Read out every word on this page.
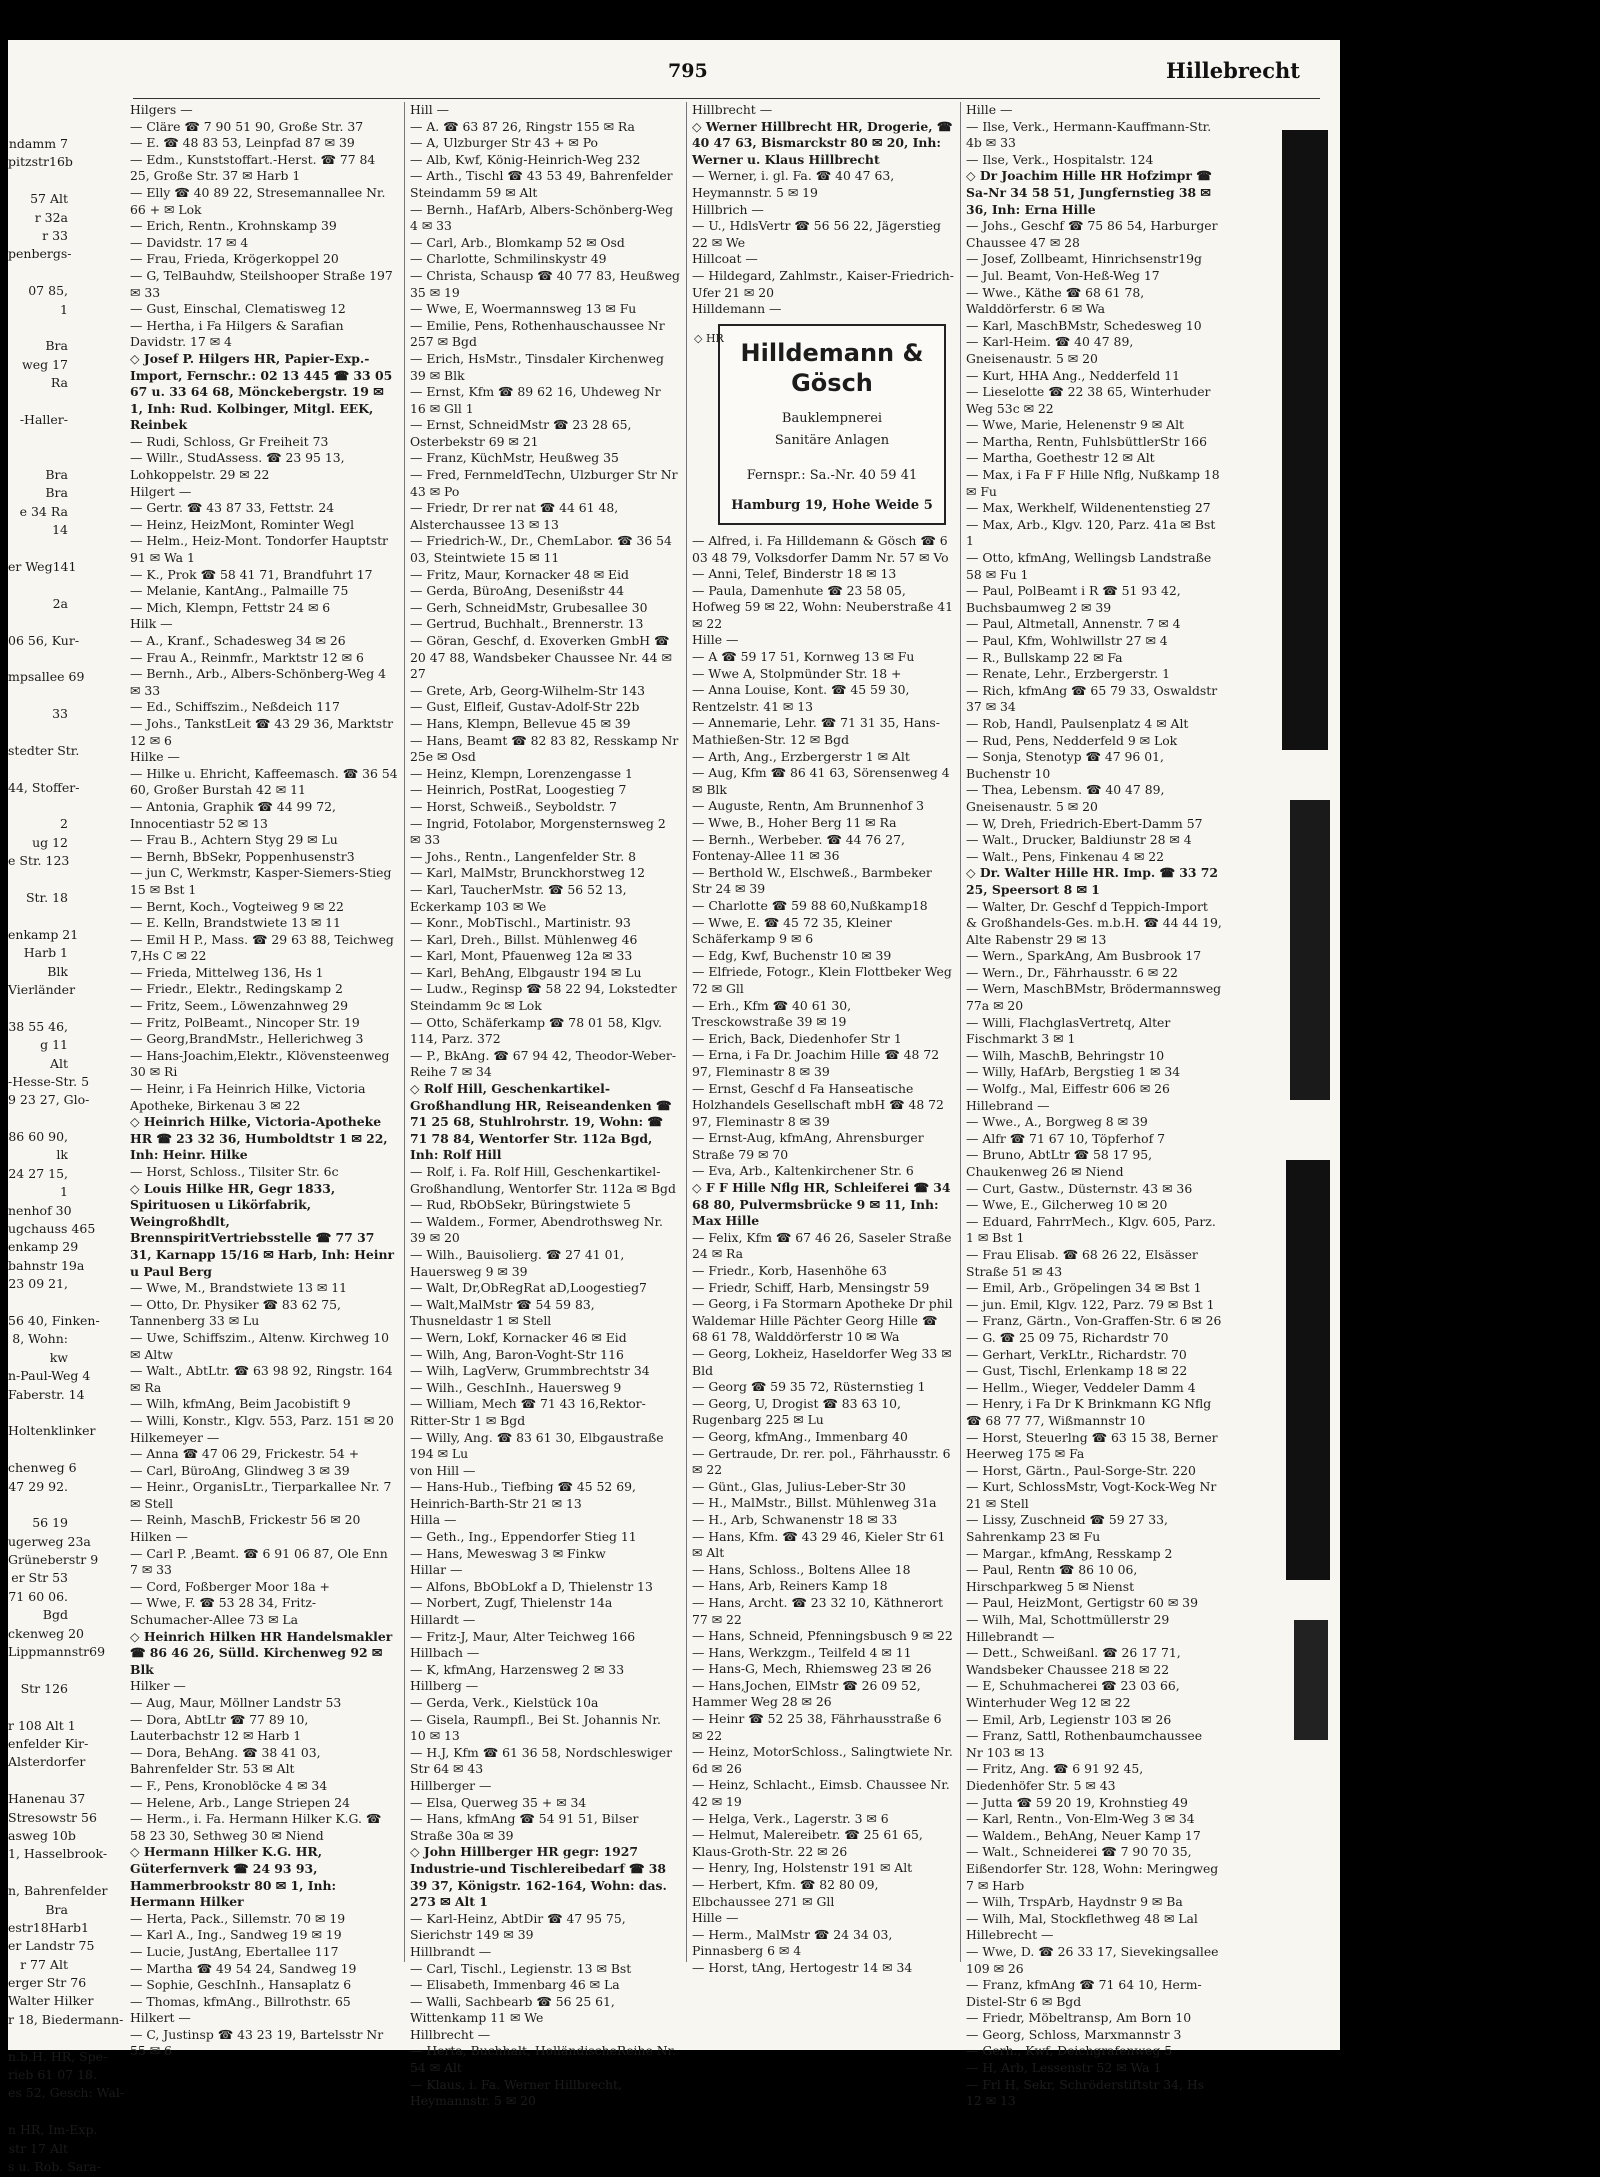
ndamm 7
pitzstr16b
57 Alt
r 32a
r 33
penbergs-
07 85,
1
Bra
weg 17
Ra
-Haller-
Bra
Bra
e 34 Ra
14
er Weg141
2a
06 56, Kur-
mpsallee 69
33
stedter Str.
44, Stoffer-
2
ug 12
e Str. 123
Str. 18
enkamp 21
Harb 1
Blk
Vierländer
38 55 46,
g 11
Alt
-Hesse-Str. 5
9 23 27, Glo-
86 60 90,
lk
24 27 15,
1
nenhof 30
ugchauss 465
enkamp 29
bahnstr 19a
23 09 21,
56 40, Finken-
8, Wohn:
kw
n-Paul-Weg 4
Faberstr. 14
Holtenklinker
chenweg 6
47 29 92.
56 19
ugerweg 23a
Grüneberstr 9
er Str 53
71 60 06.
Bgd
ckenweg 20
Lippmannstr69
Str 126
r 108 Alt 1
enfelder Kir-
Alsterdorfer
Hanenau 37
Stresowstr 56
asweg 10b
1, Hasselbrook-
n, Bahrenfelder
Bra
estr18Harb1
er Landstr 75
r 77 Alt
erger Str 76
Walter Hilker
r 18, Biedermann-
n.b.H. HR, Spe-
rieb 61 07 18.
es 52, Gesch: Wal-
n HR, Im-Exp.
str 17 Alt
s u. Rob. Sara-
795	Hillebrecht
Hilgers —
— Cläre ☎ 7 90 51 90, Große Str. 37
— E. ☎ 48 83 53, Leinpfad 87 ✉ 39
— Edm., Kunststoffart.-Herst. ☎ 77 84 25, Große Str. 37 ✉ Harb 1
— Elly ☎ 40 89 22, Stresemannallee Nr. 66 + ✉ Lok
— Erich, Rentn., Krohnskamp 39
— Davidstr. 17 ✉ 4
— Frau, Frieda, Krögerkoppel 20
— G, TelBauhdw, Steilshooper Straße 197 ✉ 33
— Gust, Einschal, Clematisweg 12
— Hertha, i Fa Hilgers & Sarafian Davidstr. 17 ✉ 4
◇ Josef P. Hilgers HR, Papier-Exp.-Import, Fernschr.: 02 13 445 ☎ 33 05 67 u. 33 64 68, Mönckebergstr. 19 ✉ 1, Inh: Rud. Kolbinger, Mitgl. EEK, Reinbek
— Rudi, Schloss, Gr Freiheit 73
— Willr., StudAssess. ☎ 23 95 13, Lohkoppelstr. 29 ✉ 22
Hilgert —
— Gertr. ☎ 43 87 33, Fettstr. 24
— Heinz, HeizMont, Rominter Wegl
— Helm., Heiz-Mont. Tondorfer Hauptstr 91 ✉ Wa 1
— K., Prok ☎ 58 41 71, Brandfuhrt 17
— Melanie, KantAng., Palmaille 75
— Mich, Klempn, Fettstr 24 ✉ 6
Hilk —
— A., Kranf., Schadesweg 34 ✉ 26
— Frau A., Reinmfr., Marktstr 12 ✉ 6
— Bernh., Arb., Albers-Schönberg-Weg 4 ✉ 33
— Ed., Schiffszim., Neßdeich 117
— Johs., TankstLeit ☎ 43 29 36, Marktstr 12 ✉ 6
Hilke —
— Hilke u. Ehricht, Kaffeemasch. ☎ 36 54 60, Großer Burstah 42 ✉ 11
— Antonia, Graphik ☎ 44 99 72, Innocentiastr 52 ✉ 13
— Frau B., Achtern Styg 29 ✉ Lu
— Bernh, BbSekr, Poppenhusenstr3
— jun C, Werkmstr, Kasper-Siemers-Stieg 15 ✉ Bst 1
— Bernt, Koch., Vogteiweg 9 ✉ 22
— E. Kelln, Brandstwiete 13 ✉ 11
— Emil H P., Mass. ☎ 29 63 88, Teichweg 7,Hs C ✉ 22
— Frieda, Mittelweg 136, Hs 1
— Friedr., Elektr., Redingskamp 2
— Fritz, Seem., Löwenzahnweg 29
— Fritz, PolBeamt., Nincoper Str. 19
— Georg,BrandMstr., Hellerichweg 3
— Hans-Joachim,Elektr., Klövensteenweg 30 ✉ Ri
— Heinr, i Fa Heinrich Hilke, Victoria Apotheke, Birkenau 3 ✉ 22
◇ Heinrich Hilke, Victoria-Apotheke HR ☎ 23 32 36, Humboldtstr 1 ✉ 22, Inh: Heinr. Hilke
— Horst, Schloss., Tilsiter Str. 6c
◇ Louis Hilke HR, Gegr 1833, Spirituosen u Likörfabrik, Weingroßhdlt, BrennspiritVertriebsstelle ☎ 77 37 31, Karnapp 15/16 ✉ Harb, Inh: Heinr u Paul Berg
— Wwe, M., Brandstwiete 13 ✉ 11
— Otto, Dr. Physiker ☎ 83 62 75, Tannenberg 33 ✉ Lu
— Uwe, Schiffszim., Altenw. Kirchweg 10 ✉ Altw
— Walt., AbtLtr. ☎ 63 98 92, Ringstr. 164 ✉ Ra
— Wilh, kfmAng, Beim Jacobistift 9
— Willi, Konstr., Klgv. 553, Parz. 151 ✉ 20
Hilkemeyer —
— Anna ☎ 47 06 29, Frickestr. 54 +
— Carl, BüroAng, Glindweg 3 ✉ 39
— Heinr., OrganisLtr., Tierparkallee Nr. 7 ✉ Stell
— Reinh, MaschB, Frickestr 56 ✉ 20
Hilken —
— Carl P. ,Beamt. ☎ 6 91 06 87, Ole Enn 7 ✉ 33
— Cord, Foßberger Moor 18a +
— Wwe, F. ☎ 53 28 34, Fritz-Schumacher-Allee 73 ✉ La
◇ Heinrich Hilken HR Handelsmakler ☎ 86 46 26, Sülld. Kirchenweg 92 ✉ Blk
Hilker —
— Aug, Maur, Möllner Landstr 53
— Dora, AbtLtr ☎ 77 89 10, Lauterbachstr 12 ✉ Harb 1
— Dora, BehAng. ☎ 38 41 03, Bahrenfelder Str. 53 ✉ Alt
— F., Pens, Kronoblöcke 4 ✉ 34
— Helene, Arb., Lange Striepen 24
— Herm., i. Fa. Hermann Hilker K.G. ☎ 58 23 30, Sethweg 30 ✉ Niend
◇ Hermann Hilker K.G. HR, Güterfernverk ☎ 24 93 93, Hammerbrookstr 80 ✉ 1, Inh: Hermann Hilker
— Herta, Pack., Sillemstr. 70 ✉ 19
— Karl A., Ing., Sandweg 19 ✉ 19
— Lucie, JustAng, Ebertallee 117
— Martha ☎ 49 54 24, Sandweg 19
— Sophie, GeschInh., Hansaplatz 6
— Thomas, kfmAng., Billrothstr. 65
Hilkert —
— C, Justinsp ☎ 43 23 19, Bartelsstr Nr 55 ✉ 6
Hill —
— A. ☎ 63 87 26, Ringstr 155 ✉ Ra
— A, Ulzburger Str 43 + ✉ Po
— Alb, Kwf, König-Heinrich-Weg 232
— Arth., Tischl ☎ 43 53 49, Bahrenfelder Steindamm 59 ✉ Alt
— Bernh., HafArb, Albers-Schönberg-Weg 4 ✉ 33
— Carl, Arb., Blomkamp 52 ✉ Osd
— Charlotte, Schmilinskystr 49
— Christa, Schausp ☎ 40 77 83, Heußweg 35 ✉ 19
— Wwe, E, Woermannsweg 13 ✉ Fu
— Emilie, Pens, Rothenhauschaussee Nr 257 ✉ Bgd
— Erich, HsMstr., Tinsdaler Kirchenweg 39 ✉ Blk
— Ernst, Kfm ☎ 89 62 16, Uhdeweg Nr 16 ✉ Gll 1
— Ernst, SchneidMstr ☎ 23 28 65, Osterbekstr 69 ✉ 21
— Franz, KüchMstr, Heußweg 35
— Fred, FernmeldTechn, Ulzburger Str Nr 43 ✉ Po
— Friedr, Dr rer nat ☎ 44 61 48, Alsterchaussee 13 ✉ 13
— Friedrich-W., Dr., ChemLabor. ☎ 36 54 03, Steintwiete 15 ✉ 11
— Fritz, Maur, Kornacker 48 ✉ Eid
— Gerda, BüroAng, Desenißstr 44
— Gerh, SchneidMstr, Grubesallee 30
— Gertrud, Buchhalt., Brennerstr. 13
— Göran, Geschf, d. Exoverken GmbH ☎ 20 47 88, Wandsbeker Chaussee Nr. 44 ✉ 27
— Grete, Arb, Georg-Wilhelm-Str 143
— Gust, Elfleif, Gustav-Adolf-Str 22b
— Hans, Klempn, Bellevue 45 ✉ 39
— Hans, Beamt ☎ 82 83 82, Resskamp Nr 25e ✉ Osd
— Heinz, Klempn, Lorenzengasse 1
— Heinrich, PostRat, Loogestieg 7
— Horst, Schweiß., Seyboldstr. 7
— Ingrid, Fotolabor, Morgensternsweg 2 ✉ 33
— Johs., Rentn., Langenfelder Str. 8
— Karl, MalMstr, Brunckhorstweg 12
— Karl, TaucherMstr. ☎ 56 52 13, Eckerkamp 103 ✉ We
— Konr., MobTischl., Martinistr. 93
— Karl, Dreh., Billst. Mühlenweg 46
— Karl, Mont, Pfauenweg 12a ✉ 33
— Karl, BehAng, Elbgaustr 194 ✉ Lu
— Ludw., Reginsp ☎ 58 22 94, Lokstedter Steindamm 9c ✉ Lok
— Otto, Schäferkamp ☎ 78 01 58, Klgv. 114, Parz. 372
— P., BkAng. ☎ 67 94 42, Theodor-Weber-Reihe 7 ✉ 34
◇ Rolf Hill, Geschenkartikel-Großhandlung HR, Reiseandenken ☎ 71 25 68, Stuhlrohrstr. 19, Wohn: ☎ 71 78 84, Wentorfer Str. 112a Bgd, Inh: Rolf Hill
— Rolf, i. Fa. Rolf Hill, Geschenkartikel-Großhandlung, Wentorfer Str. 112a ✉ Bgd
— Rud, RbObSekr, Büringstwiete 5
— Waldem., Former, Abendrothsweg Nr. 39 ✉ 20
— Wilh., Bauisolierg. ☎ 27 41 01, Hauersweg 9 ✉ 39
— Walt, Dr,ObRegRat aD,Loogestieg7
— Walt,MalMstr ☎ 54 59 83, Thusneldastr 1 ✉ Stell
— Wern, Lokf, Kornacker 46 ✉ Eid
— Wilh, Ang, Baron-Voght-Str 116
— Wilh, LagVerw, Grummbrechtstr 34
— Wilh., GeschInh., Hauersweg 9
— William, Mech ☎ 71 43 16,Rektor-Ritter-Str 1 ✉ Bgd
— Willy, Ang. ☎ 83 61 30, Elbgaustraße 194 ✉ Lu
von Hill —
— Hans-Hub., Tiefbing ☎ 45 52 69, Heinrich-Barth-Str 21 ✉ 13
Hilla —
— Geth., Ing., Eppendorfer Stieg 11
— Hans, Meweswag 3 ✉ Finkw
Hillar —
— Alfons, BbObLokf a D, Thielenstr 13
— Norbert, Zugf, Thielenstr 14a
Hillardt —
— Fritz-J, Maur, Alter Teichweg 166
Hillbach —
— K, kfmAng, Harzensweg 2 ✉ 33
Hillberg —
— Gerda, Verk., Kielstück 10a
— Gisela, Raumpfl., Bei St. Johannis Nr. 10 ✉ 13
— H.J, Kfm ☎ 61 36 58, Nordschleswiger Str 64 ✉ 43
Hillberger —
— Elsa, Querweg 35 + ✉ 34
— Hans, kfmAng ☎ 54 91 51, Bilser Straße 30a ✉ 39
◇ John Hillberger HR gegr: 1927 Industrie-und Tischlereibedarf ☎ 38 39 37, Königstr. 162-164, Wohn: das. 273 ✉ Alt 1
— Karl-Heinz, AbtDir ☎ 47 95 75, Sierichstr 149 ✉ 39
Hillbrandt —
— Carl, Tischl., Legienstr. 13 ✉ Bst
— Elisabeth, Immenbarg 46 ✉ La
— Walli, Sachbearb ☎ 56 25 61, Wittenkamp 11 ✉ We
Hillbrecht —
— Herta, Buchhalt, HolländischeReihe Nr. 54 ✉ Alt
— Klaus, i. Fa. Werner Hillbrecht, Heymannstr. 5 ✉ 20
Hillbrecht —
◇ Werner Hillbrecht HR, Drogerie, ☎ 40 47 63, Bismarckstr 80 ✉ 20, Inh: Werner u. Klaus Hillbrecht
— Werner, i. gl. Fa. ☎ 40 47 63, Heymannstr. 5 ✉ 19
Hillbrich —
— U., HdlsVertr ☎ 56 56 22, Jägerstieg 22 ✉ We
Hillcoat —
— Hildegard, Zahlmstr., Kaiser-Friedrich-Ufer 21 ✉ 20
Hilldemann —
◇ HR
Hilldemann & Gösch
Bauklempnerei
Sanitäre Anlagen
Fernspr.: Sa.-Nr. 40 59 41
Hamburg 19, Hohe Weide 5
— Alfred, i. Fa Hilldemann & Gösch ☎ 6 03 48 79, Volksdorfer Damm Nr. 57 ✉ Vo
— Anni, Telef, Binderstr 18 ✉ 13
— Paula, Damenhute ☎ 23 58 05, Hofweg 59 ✉ 22, Wohn: Neuberstraße 41 ✉ 22
Hille —
— A ☎ 59 17 51, Kornweg 13 ✉ Fu
— Wwe A, Stolpmünder Str. 18 +
— Anna Louise, Kont. ☎ 45 59 30, Rentzelstr. 41 ✉ 13
— Annemarie, Lehr. ☎ 71 31 35, Hans-Mathießen-Str. 12 ✉ Bgd
— Arth, Ang., Erzbergerstr 1 ✉ Alt
— Aug, Kfm ☎ 86 41 63, Sörensenweg 4 ✉ Blk
— Auguste, Rentn, Am Brunnenhof 3
— Wwe, B., Hoher Berg 11 ✉ Ra
— Bernh., Werbeber. ☎ 44 76 27, Fontenay-Allee 11 ✉ 36
— Berthold W., Elschweß., Barmbeker Str 24 ✉ 39
— Charlotte ☎ 59 88 60,Nußkamp18
— Wwe, E. ☎ 45 72 35, Kleiner Schäferkamp 9 ✉ 6
— Edg, Kwf, Buchenstr 10 ✉ 39
— Elfriede, Fotogr., Klein Flottbeker Weg 72 ✉ Gll
— Erh., Kfm ☎ 40 61 30, Tresckowstraße 39 ✉ 19
— Erich, Back, Diedenhofer Str 1
— Erna, i Fa Dr. Joachim Hille ☎ 48 72 97, Fleminastr 8 ✉ 39
— Ernst, Geschf d Fa Hanseatische Holzhandels Gesellschaft mbH ☎ 48 72 97, Fleminastr 8 ✉ 39
— Ernst-Aug, kfmAng, Ahrensburger Straße 79 ✉ 70
— Eva, Arb., Kaltenkirchener Str. 6
◇ F F Hille Nflg HR, Schleiferei ☎ 34 68 80, Pulvermsbrücke 9 ✉ 11, Inh: Max Hille
— Felix, Kfm ☎ 67 46 26, Saseler Straße 24 ✉ Ra
— Friedr., Korb, Hasenhöhe 63
— Friedr, Schiff, Harb, Mensingstr 59
— Georg, i Fa Stormarn Apotheke Dr phil Waldemar Hille Pächter Georg Hille ☎ 68 61 78, Walddörferstr 10 ✉ Wa
— Georg, Lokheiz, Haseldorfer Weg 33 ✉ Bld
— Georg ☎ 59 35 72, Rüsternstieg 1
— Georg, U, Drogist ☎ 83 63 10, Rugenbarg 225 ✉ Lu
— Georg, kfmAng., Immenbarg 40
— Gertraude, Dr. rer. pol., Fährhausstr. 6 ✉ 22
— Günt., Glas, Julius-Leber-Str 30
— H., MalMstr., Billst. Mühlenweg 31a
— H., Arb, Schwanenstr 18 ✉ 33
— Hans, Kfm. ☎ 43 29 46, Kieler Str 61 ✉ Alt
— Hans, Schloss., Boltens Allee 18
— Hans, Arb, Reiners Kamp 18
— Hans, Archt. ☎ 23 32 10, Käthnerort 77 ✉ 22
— Hans, Schneid, Pfenningsbusch 9 ✉ 22
— Hans, Werkzgm., Teilfeld 4 ✉ 11
— Hans-G, Mech, Rhiemsweg 23 ✉ 26
— Hans,Jochen, ElMstr ☎ 26 09 52, Hammer Weg 28 ✉ 26
— Heinr ☎ 52 25 38, Fährhausstraße 6 ✉ 22
— Heinz, MotorSchloss., Salingtwiete Nr. 6d ✉ 26
— Heinz, Schlacht., Eimsb. Chaussee Nr. 42 ✉ 19
— Helga, Verk., Lagerstr. 3 ✉ 6
— Helmut, Malereibetr. ☎ 25 61 65, Klaus-Groth-Str. 22 ✉ 26
— Henry, Ing, Holstenstr 191 ✉ Alt
— Herbert, Kfm. ☎ 82 80 09, Elbchaussee 271 ✉ Gll
Hille —
— Herm., MalMstr ☎ 24 34 03, Pinnasberg 6 ✉ 4
— Horst, tAng, Hertogestr 14 ✉ 34
Hille —
— Ilse, Verk., Hermann-Kauffmann-Str. 4b ✉ 33
— Ilse, Verk., Hospitalstr. 124
◇ Dr Joachim Hille HR Hofzimpr ☎ Sa-Nr 34 58 51, Jungfernstieg 38 ✉ 36, Inh: Erna Hille
— Johs., Geschf ☎ 75 86 54, Harburger Chaussee 47 ✉ 28
— Josef, Zollbeamt, Hinrichsenstr19g
— Jul. Beamt, Von-Heß-Weg 17
— Wwe., Käthe ☎ 68 61 78, Walddörferstr. 6 ✉ Wa
— Karl, MaschBMstr, Schedesweg 10
— Karl-Heim. ☎ 40 47 89, Gneisenaustr. 5 ✉ 20
— Kurt, HHA Ang., Nedderfeld 11
— Lieselotte ☎ 22 38 65, Winterhuder Weg 53c ✉ 22
— Wwe, Marie, Helenenstr 9 ✉ Alt
— Martha, Rentn, FuhlsbüttlerStr 166
— Martha, Goethestr 12 ✉ Alt
— Max, i Fa F F Hille Nflg, Nußkamp 18 ✉ Fu
— Max, Werkhelf, Wildenentenstieg 27
— Max, Arb., Klgv. 120, Parz. 41a ✉ Bst 1
— Otto, kfmAng, Wellingsb Landstraße 58 ✉ Fu 1
— Paul, PolBeamt i R ☎ 51 93 42, Buchsbaumweg 2 ✉ 39
— Paul, Altmetall, Annenstr. 7 ✉ 4
— Paul, Kfm, Wohlwillstr 27 ✉ 4
— R., Bullskamp 22 ✉ Fa
— Renate, Lehr., Erzbergerstr. 1
— Rich, kfmAng ☎ 65 79 33, Oswaldstr 37 ✉ 34
— Rob, Handl, Paulsenplatz 4 ✉ Alt
— Rud, Pens, Nedderfeld 9 ✉ Lok
— Sonja, Stenotyp ☎ 47 96 01, Buchenstr 10
— Thea, Lebensm. ☎ 40 47 89, Gneisenaustr. 5 ✉ 20
— W, Dreh, Friedrich-Ebert-Damm 57
— Walt., Drucker, Baldiunstr 28 ✉ 4
— Walt., Pens, Finkenau 4 ✉ 22
◇ Dr. Walter Hille HR. Imp. ☎ 33 72 25, Speersort 8 ✉ 1
— Walter, Dr. Geschf d Teppich-Import & Großhandels-Ges. m.b.H. ☎ 44 44 19, Alte Rabenstr 29 ✉ 13
— Wern., SparkAng, Am Busbrook 17
— Wern., Dr., Fährhausstr. 6 ✉ 22
— Wern, MaschBMstr, Brödermannsweg 77a ✉ 20
— Willi, FlachglasVertretq, Alter Fischmarkt 3 ✉ 1
— Wilh, MaschB, Behringstr 10
— Willy, HafArb, Bergstieg 1 ✉ 34
— Wolfg., Mal, Eiffestr 606 ✉ 26
Hillebrand —
— Wwe., A., Borgweg 8 ✉ 39
— Alfr ☎ 71 67 10, Töpferhof 7
— Bruno, AbtLtr ☎ 58 17 95, Chaukenweg 26 ✉ Niend
— Curt, Gastw., Düsternstr. 43 ✉ 36
— Wwe, E., Gilcherweg 10 ✉ 20
— Eduard, FahrrMech., Klgv. 605, Parz. 1 ✉ Bst 1
— Frau Elisab. ☎ 68 26 22, Elsässer Straße 51 ✉ 43
— Emil, Arb., Gröpelingen 34 ✉ Bst 1
— jun. Emil, Klgv. 122, Parz. 79 ✉ Bst 1
— Franz, Gärtn., Von-Graffen-Str. 6 ✉ 26
— G. ☎ 25 09 75, Richardstr 70
— Gerhart, VerkLtr., Richardstr. 70
— Gust, Tischl, Erlenkamp 18 ✉ 22
— Hellm., Wieger, Veddeler Damm 4
— Henry, i Fa Dr K Brinkmann KG Nflg ☎ 68 77 77, Wißmannstr 10
— Horst, Steuerlng ☎ 63 15 38, Berner Heerweg 175 ✉ Fa
— Horst, Gärtn., Paul-Sorge-Str. 220
— Kurt, SchlossMstr, Vogt-Kock-Weg Nr 21 ✉ Stell
— Lissy, Zuschneid ☎ 59 27 33, Sahrenkamp 23 ✉ Fu
— Margar., kfmAng, Resskamp 2
— Paul, Rentn ☎ 86 10 06, Hirschparkweg 5 ✉ Nienst
— Paul, HeizMont, Gertigstr 60 ✉ 39
— Wilh, Mal, Schottmüllerstr 29
Hillebrandt —
— Dett., Schweißanl. ☎ 26 17 71, Wandsbeker Chaussee 218 ✉ 22
— E, Schuhmacherei ☎ 23 03 66, Winterhuder Weg 12 ✉ 22
— Emil, Arb, Legienstr 103 ✉ 26
— Franz, Sattl, Rothenbaumchaussee Nr 103 ✉ 13
— Fritz, Ang. ☎ 6 91 92 45, Diedenhöfer Str. 5 ✉ 43
— Jutta ☎ 59 20 19, Krohnstieg 49
— Karl, Rentn., Von-Elm-Weg 3 ✉ 34
— Waldem., BehAng, Neuer Kamp 17
— Walt., Schneiderei ☎ 7 90 70 35, Eißendorfer Str. 128, Wohn: Meringweg 7 ✉ Harb
— Wilh, TrspArb, Haydnstr 9 ✉ Ba
— Wilh, Mal, Stockflethweg 48 ✉ Lal
Hillebrecht —
— Wwe, D. ☎ 26 33 17, Sievekingsallee 109 ✉ 26
— Franz, kfmAng ☎ 71 64 10, Herm-Distel-Str 6 ✉ Bgd
— Friedr, Möbeltransp, Am Born 10
— Georg, Schloss, Marxmannstr 3
— Gerh., Kwf, Deichgrafenweg 5
— H, Arb, Lessenstr 52 ✉ Wa 1
— Frl H, Sekr, Schröderstiftstr 34, Hs 12 ✉ 13
